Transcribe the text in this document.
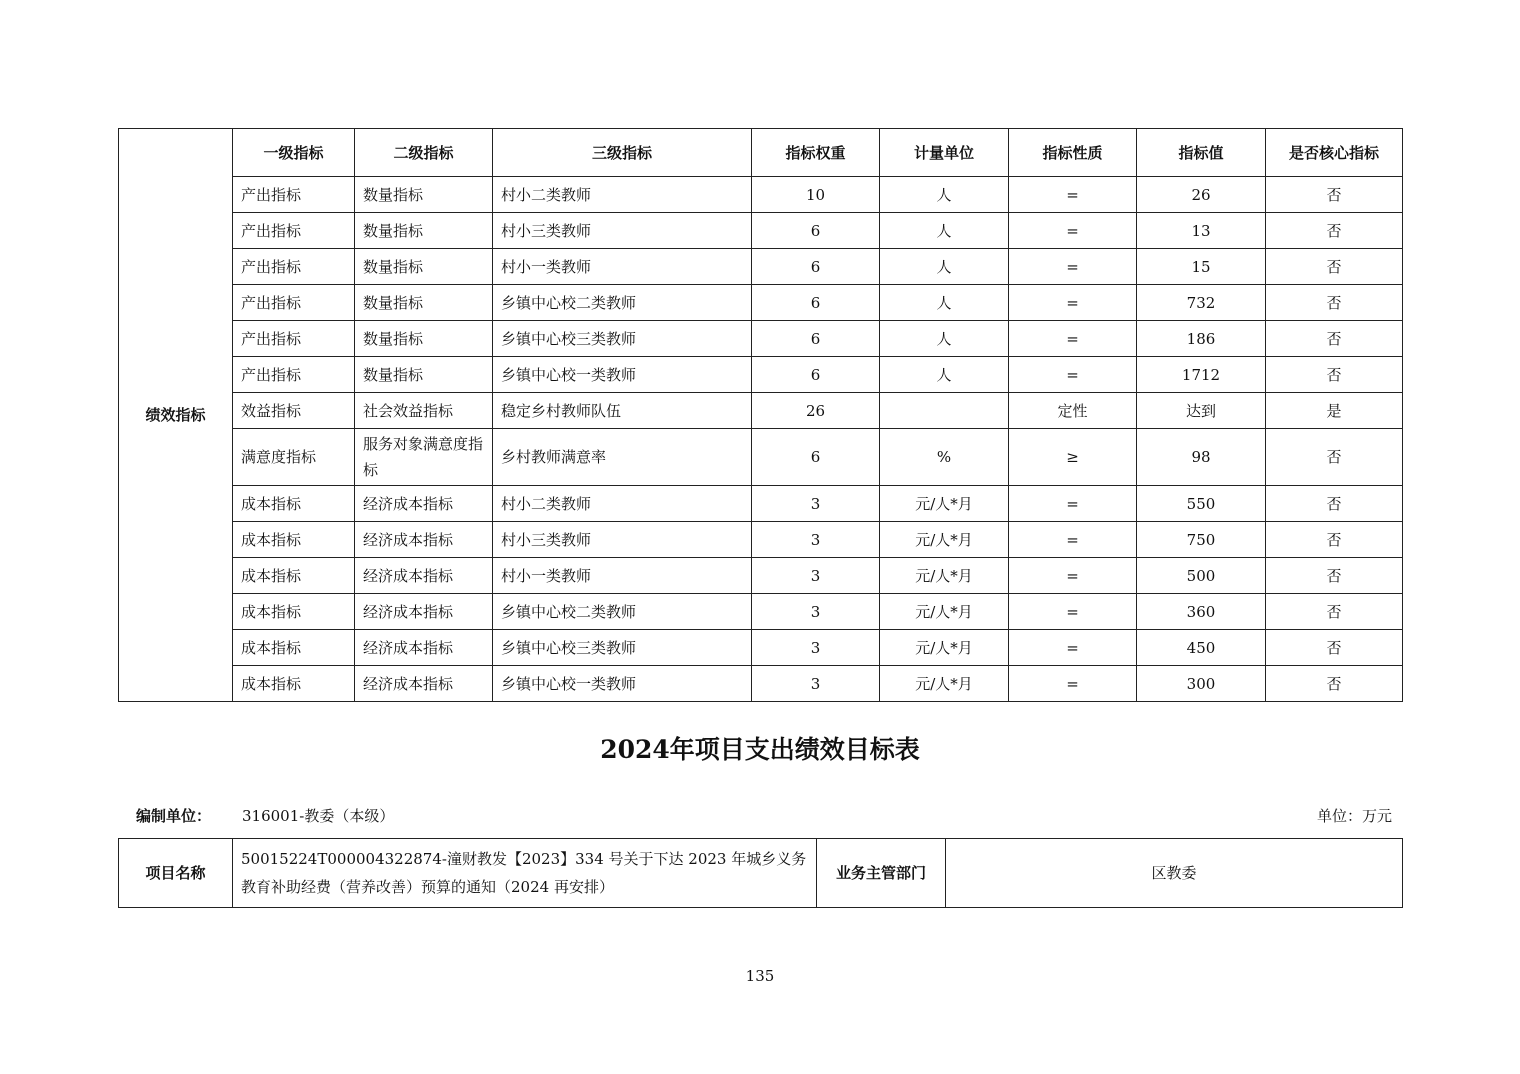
绩效指标	一级指标	二级指标	三级指标	指标权重	计量单位	指标性质	指标值	是否核心指标
	产出指标	数量指标	村小二类教师	10	人	=	26	否
	产出指标	数量指标	村小三类教师	6	人	=	13	否
	产出指标	数量指标	村小一类教师	6	人	=	15	否
	产出指标	数量指标	乡镇中心校二类教师	6	人	=	732	否
	产出指标	数量指标	乡镇中心校三类教师	6	人	=	186	否
	产出指标	数量指标	乡镇中心校一类教师	6	人	=	1712	否
	效益指标	社会效益指标	稳定乡村教师队伍	26		定性	达到	是
	满意度指标	服务对象满意度指标	乡村教师满意率	6	%	≥	98	否
	成本指标	经济成本指标	村小二类教师	3	元/人*月	=	550	否
	成本指标	经济成本指标	村小三类教师	3	元/人*月	=	750	否
	成本指标	经济成本指标	村小一类教师	3	元/人*月	=	500	否
	成本指标	经济成本指标	乡镇中心校二类教师	3	元/人*月	=	360	否
	成本指标	经济成本指标	乡镇中心校三类教师	3	元/人*月	=	450	否
	成本指标	经济成本指标	乡镇中心校一类教师	3	元/人*月	=	300	否
2024年项目支出绩效目标表
编制单位： 316001-教委（本级）	单位：万元
项目名称	50015224T000004322874-潼财教发【2023】334 号关于下达 2023 年城乡义务教育补助经费（营养改善）预算的通知（2024 再安排）	业务主管部门	区教委
135
